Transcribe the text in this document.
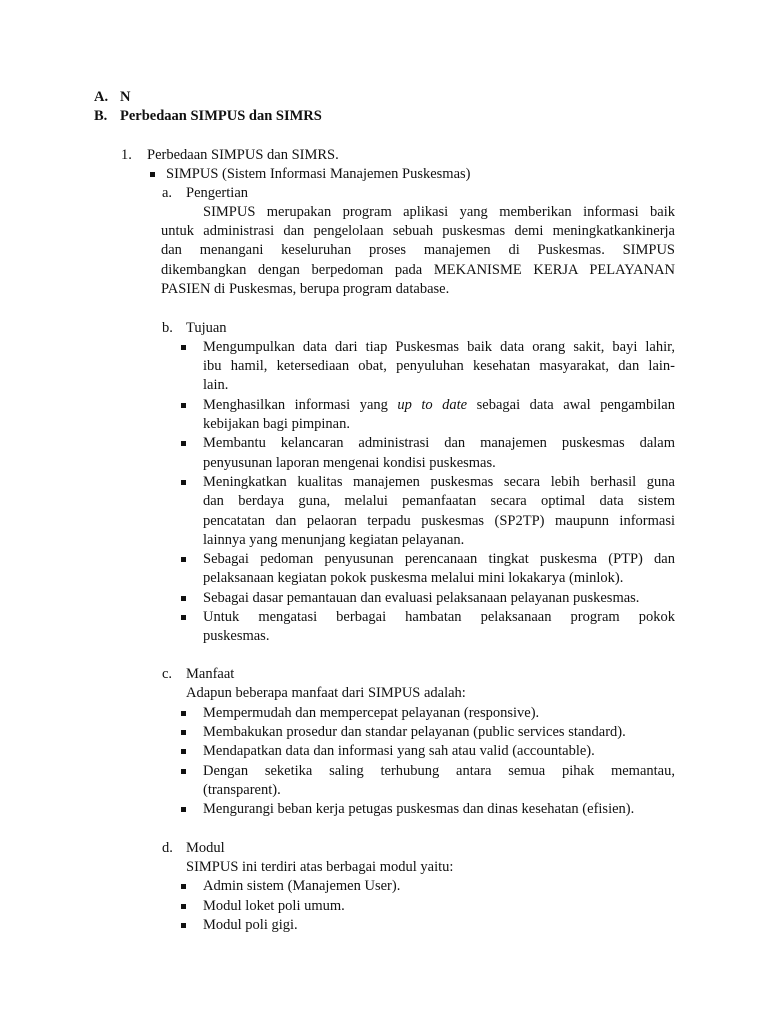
A. N
B. Perbedaan SIMPUS dan SIMRS
1. Perbedaan SIMPUS dan SIMRS.
SIMPUS (Sistem Informasi Manajemen Puskesmas)
a. Pengertian
SIMPUS merupakan program aplikasi yang memberikan informasi baik
untuk administrasi dan pengelolaan sebuah puskesmas demi meningkatkankinerja
dan menangani keseluruhan proses manajemen di Puskesmas. SIMPUS
dikembangkan dengan berpedoman pada MEKANISME KERJA PELAYANAN
PASIEN di Puskesmas, berupa program database.
b. Tujuan
Mengumpulkan data dari tiap Puskesmas baik data orang sakit, bayi lahir,
ibu hamil, ketersediaan obat, penyuluhan kesehatan masyarakat, dan lain-
lain.
Menghasilkan informasi yang up to date sebagai data awal pengambilan
kebijakan bagi pimpinan.
Membantu kelancaran administrasi dan manajemen puskesmas dalam
penyusunan laporan mengenai kondisi puskesmas.
Meningkatkan kualitas manajemen puskesmas secara lebih berhasil guna
dan berdaya guna, melalui pemanfaatan secara optimal data sistem
pencatatan dan pelaoran terpadu puskesmas (SP2TP) maupunn informasi
lainnya yang menunjang kegiatan pelayanan.
Sebagai pedoman penyusunan perencanaan tingkat puskesma (PTP) dan
pelaksanaan kegiatan pokok puskesma melalui mini lokakarya (minlok).
Sebagai dasar pemantauan dan evaluasi pelaksanaan pelayanan puskesmas.
Untuk mengatasi berbagai hambatan pelaksanaan program pokok
puskesmas.
c. Manfaat
Adapun beberapa manfaat dari SIMPUS adalah:
Mempermudah dan mempercepat pelayanan (responsive).
Membakukan prosedur dan standar pelayanan (public services standard).
Mendapatkan data dan informasi yang sah atau valid (accountable).
Dengan seketika saling terhubung antara semua pihak memantau,
(transparent).
Mengurangi beban kerja petugas puskesmas dan dinas kesehatan (efisien).
d. Modul
SIMPUS ini terdiri atas berbagai modul yaitu:
Admin sistem (Manajemen User).
Modul loket poli umum.
Modul poli gigi.
